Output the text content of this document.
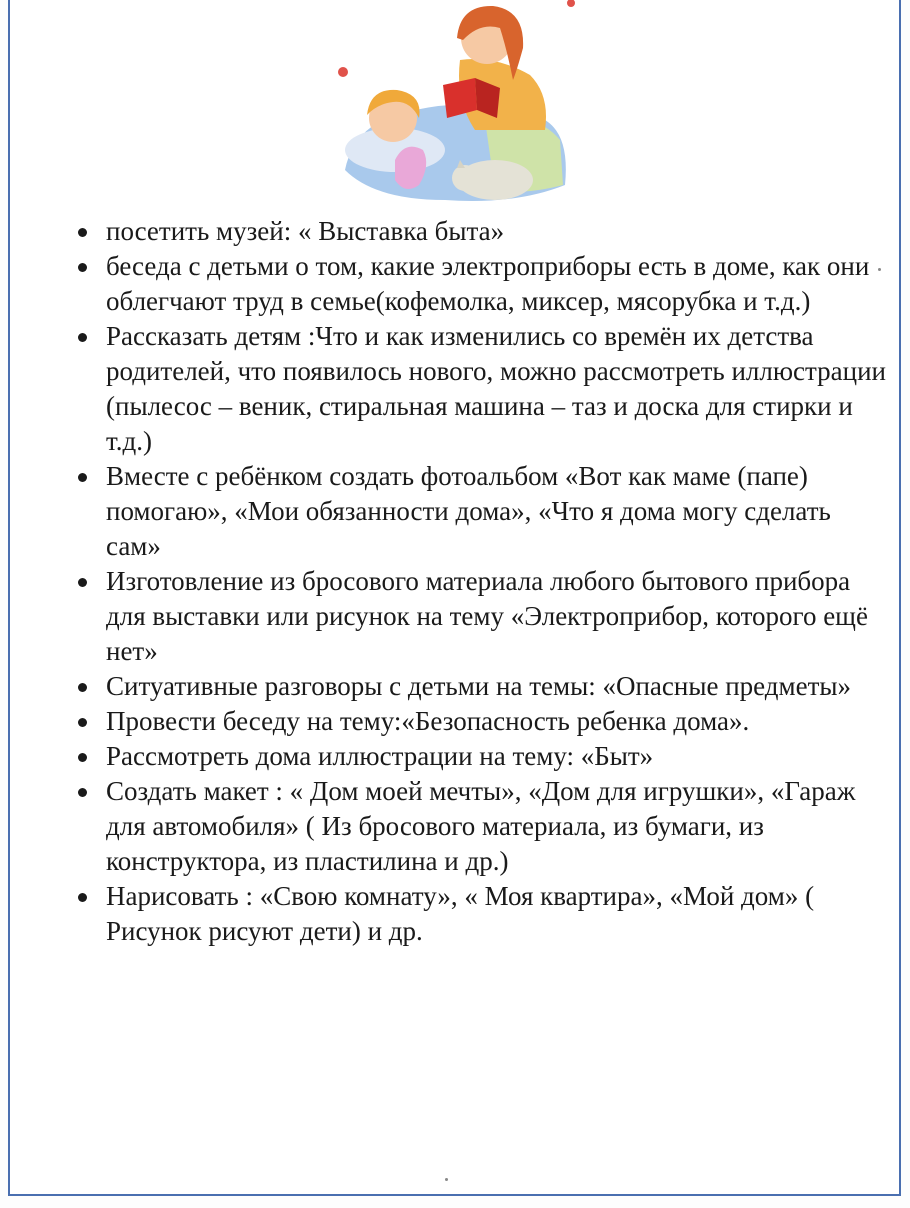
посетить музей: « Выставка быта»
беседа с детьми о том, какие электроприборы есть в доме, как они облегчают труд в семье(кофемолка, миксер, мясорубка и т.д.)
Рассказать детям :Что и как изменились со времён их детства родителей, что появилось нового, можно рассмотреть иллюстрации (пылесос – веник, стиральная машина – таз и доска для стирки и т.д.)
Вместе с ребёнком создать фотоальбом «Вот как маме (папе) помогаю», «Мои обязанности дома», «Что я дома могу сделать сам»
Изготовление из бросового материала любого бытового прибора для выставки или рисунок на тему «Электроприбор, которого ещё нет»
Ситуативные разговоры с детьми на темы: «Опасные предметы»
Провести беседу на тему:«Безопасность ребенка дома».
Рассмотреть дома иллюстрации на тему: «Быт»
Создать макет : « Дом моей мечты», «Дом для игрушки», «Гараж для автомобиля» ( Из бросового материала, из бумаги, из конструктора, из пластилина и др.)
Нарисовать : «Свою комнату», « Моя квартира», «Мой дом» ( Рисунок рисуют дети) и др.
